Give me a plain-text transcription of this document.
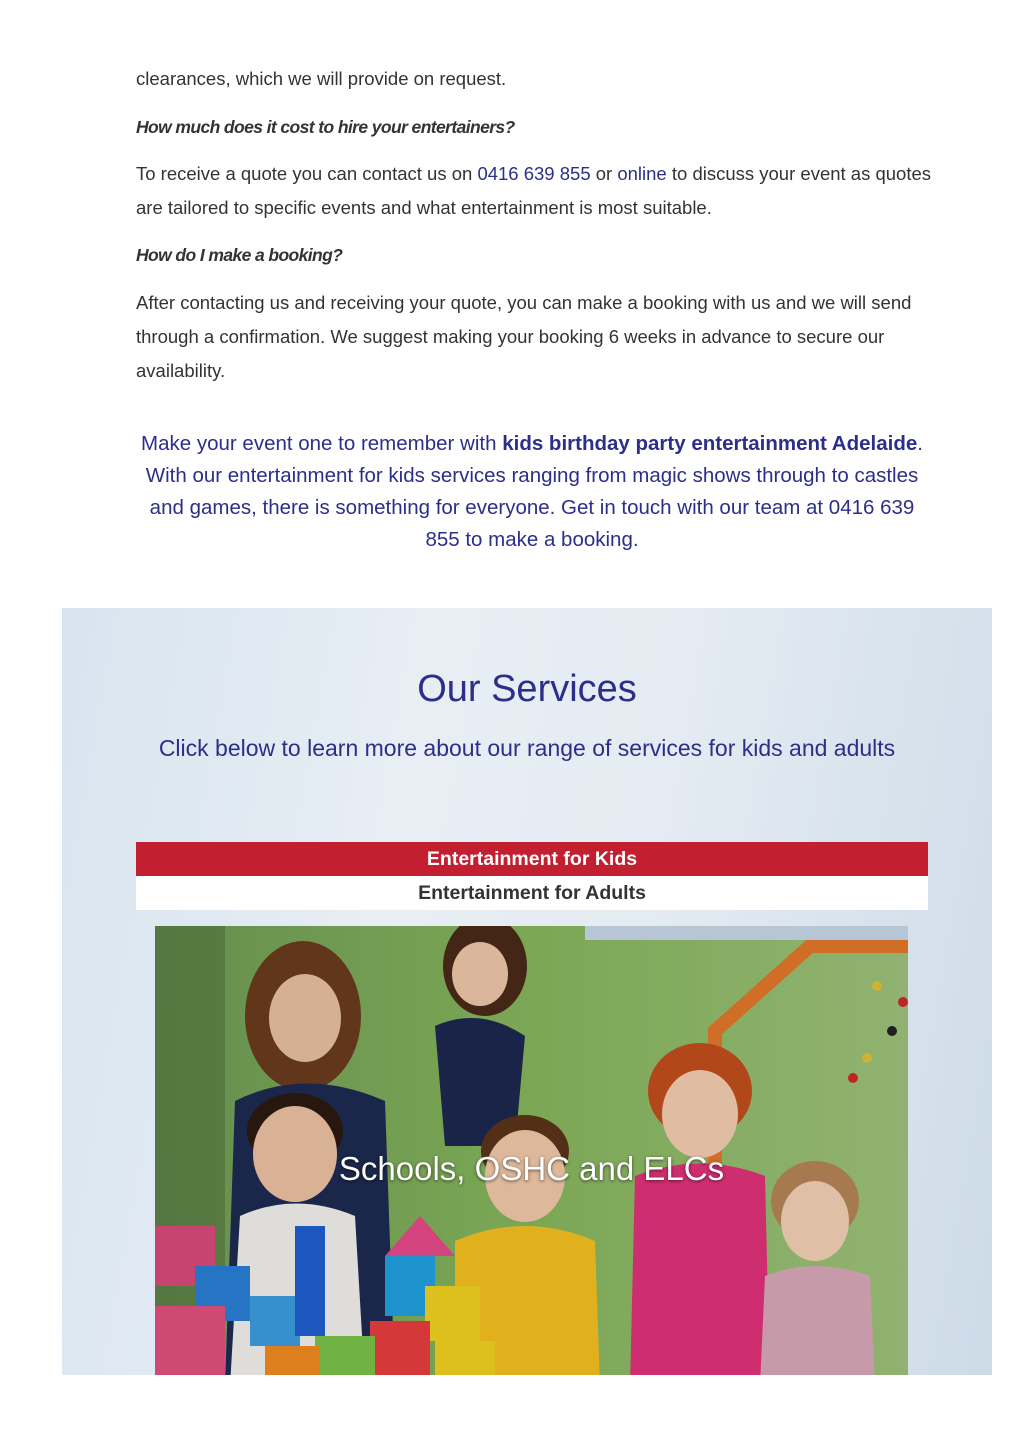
clearances, which we will provide on request.

How much does it cost to hire your entertainers?

To receive a quote you can contact us on 0416 639 855 or online to discuss your event as quotes are tailored to specific events and what entertainment is most suitable.

How do I make a booking?

After contacting us and receiving your quote, you can make a booking with us and we will send through a confirmation. We suggest making your booking 6 weeks in advance to secure our availability.

Make your event one to remember with kids birthday party entertainment Adelaide. With our entertainment for kids services ranging from magic shows through to castles and games, there is something for everyone. Get in touch with our team at 0416 639 855 to make a booking.
Our Services

Click below to learn more about our range of services for kids and adults

Entertainment for Kids
Entertainment for Adults
Schools, OSHC and ELCs
